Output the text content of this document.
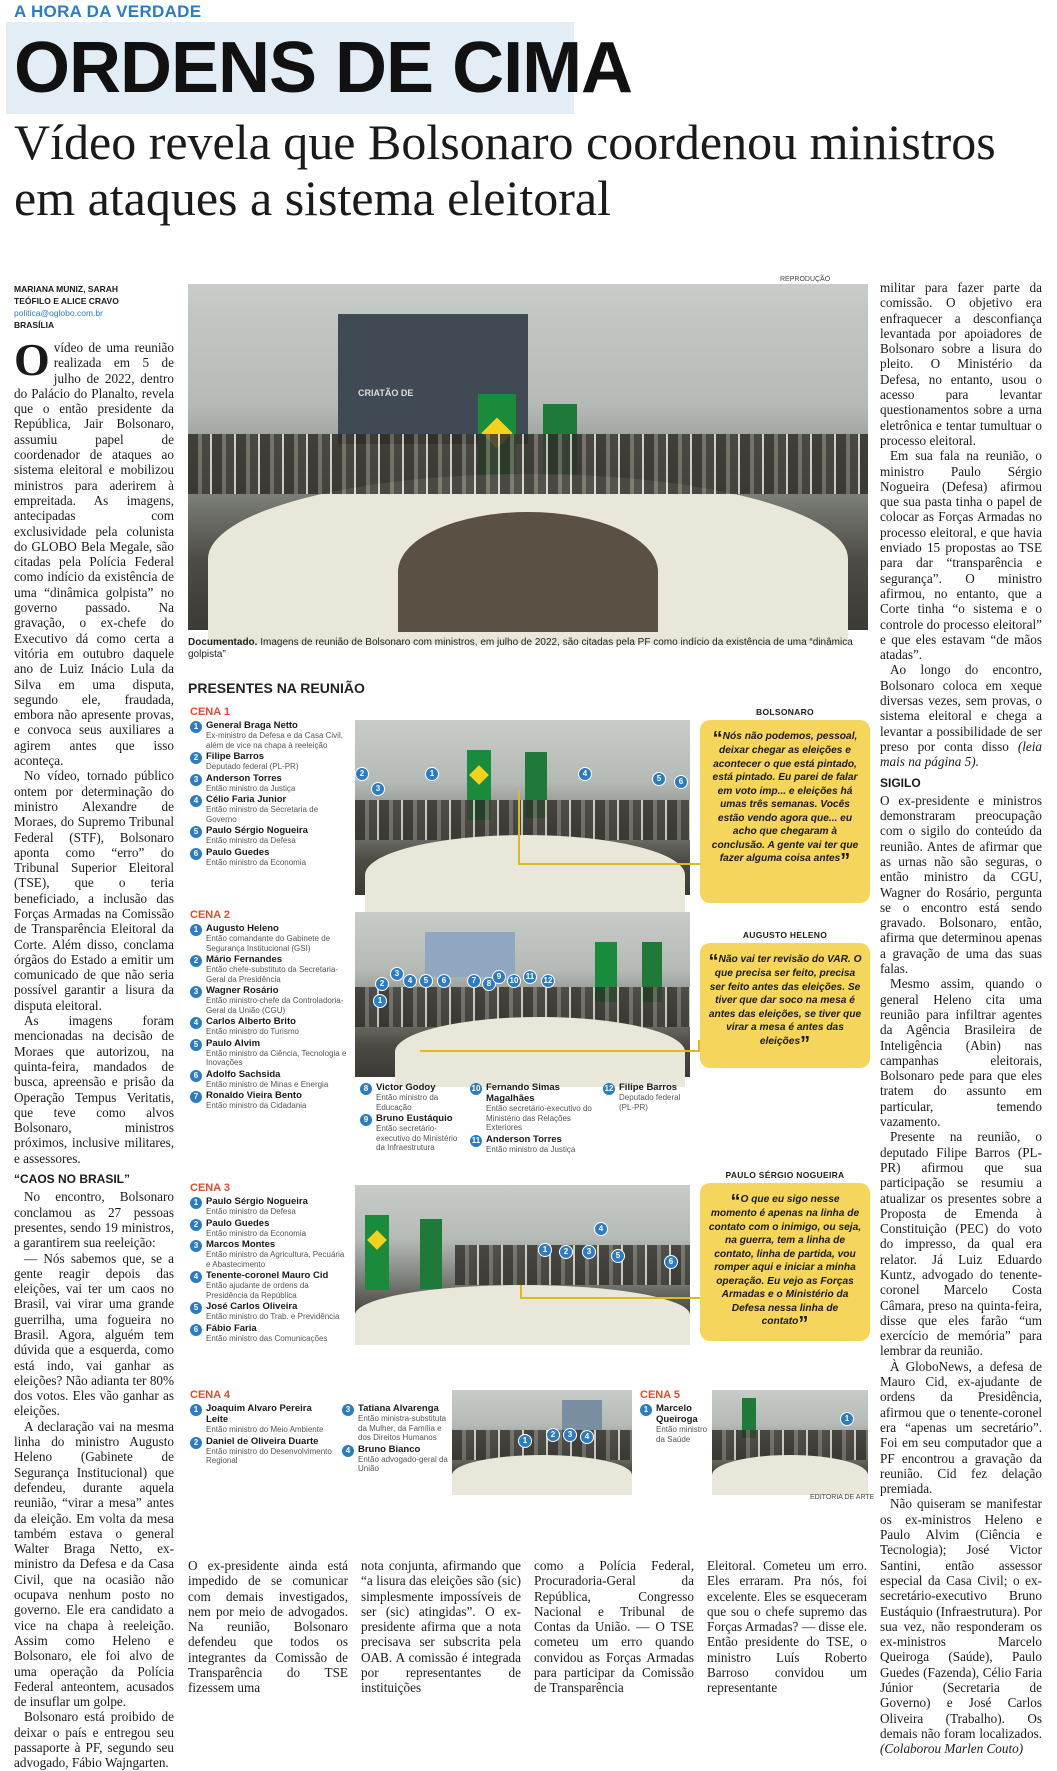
A HORA DA VERDADE
ORDENS DE CIMA
Vídeo revela que Bolsonaro coordenou ministros em ataques a sistema eleitoral
MARIANA MUNIZ, SARAH
TEÓFILO E ALICE CRAVO
politica@oglobo.com.br
BRASÍLIA

Ovídeo de uma reunião realizada em 5 de julho de 2022, dentro do Palácio do Planalto, revela que o então presidente da República, Jair Bolsonaro, assumiu papel de coordenador de ataques ao sistema eleitoral e mobilizou ministros para aderirem à empreitada. As imagens, antecipadas com exclusividade pela colunista do GLOBO Bela Megale, são citadas pela Polícia Federal como indício da existência de uma “dinâmica golpista” no governo passado. Na gravação, o ex-chefe do Executivo dá como certa a vitória em outubro daquele ano de Luiz Inácio Lula da Silva em uma disputa, segundo ele, fraudada, embora não apresente provas, e convoca seus auxiliares a agirem antes que isso aconteça.

No vídeo, tornado público ontem por determinação do ministro Alexandre de Moraes, do Supremo Tribunal Federal (STF), Bolsonaro aponta como “erro” do Tribunal Superior Eleitoral (TSE), que o teria beneficiado, a inclusão das Forças Armadas na Comissão de Transparência Eleitoral da Corte. Além disso, conclama órgãos do Estado a emitir um comunicado de que não seria possível garantir a lisura da disputa eleitoral.

As imagens foram mencionadas na decisão de Moraes que autorizou, na quinta-feira, mandados de busca, apreensão e prisão da Operação Tempus Veritatis, que teve como alvos Bolsonaro, ministros próximos, inclusive militares, e assessores.

“CAOS NO BRASIL”

No encontro, Bolsonaro conclamou as 27 pessoas presentes, sendo 19 ministros, a garantirem sua reeleição:

— Nós sabemos que, se a gente reagir depois das eleições, vai ter um caos no Brasil, vai virar uma grande guerrilha, uma fogueira no Brasil. Agora, alguém tem dúvida que a esquerda, como está indo, vai ganhar as eleições? Não adianta ter 80% dos votos. Eles vão ganhar as eleições.

A declaração vai na mesma linha do ministro Augusto Heleno (Gabinete de Segurança Institucional) que defendeu, durante aquela reunião, “virar a mesa” antes da eleição. Em volta da mesa também estava o general Walter Braga Netto, ex-ministro da Defesa e da Casa Civil, que na ocasião não ocupava nenhum posto no governo. Ele era candidato a vice na chapa à reeleição. Assim como Heleno e Bolsonaro, ele foi alvo de uma operação da Polícia Federal anteontem, acusados de insuflar um golpe.

Bolsonaro está proibido de deixar o país e entregou seu passaporte à PF, segundo seu advogado, Fábio Wajngarten.

REPRODUÇÃO
CRIATÃO DE
Documentado. Imagens de reunião de Bolsonaro com ministros, em julho de 2022, são citadas pela PF como indício da existência de uma “dinâmica golpista”
PRESENTES NA REUNIÃO
CENA 1
1 General Braga Netto
Ex-ministro da Defesa e da Casa Civil, além de vice na chapa à reeleição
2 Filipe Barros
Deputado federal (PL-PR)
3 Anderson Torres
Então ministro da Justiça
4 Célio Faria Junior
Então ministro da Secretaria de Governo
5 Paulo Sérgio Nogueira
Então ministro da Defesa
6 Paulo Guedes
Então ministro da Economia
2
3
1	4
5	6
BOLSONARO
“Nós não podemos, pessoal, deixar chegar as eleições e acontecer o que está pintado, está pintado. Eu parei de falar em voto imp... e eleições há umas três semanas. Vocês estão vendo agora que... eu acho que chegaram à conclusão. A gente vai ter que fazer alguma coisa antes”
CENA 2
1 Augusto Heleno
Então comandante do Gabinete de Segurança Institucional (GSI)
2 Mário Fernandes
Então chefe-substituto da Secretaria-Geral da Presidência
3 Wagner Rosário
Então ministro-chefe da Controladoria-Geral da União (CGU)
4 Carlos Alberto Brito
Então ministro do Turismo
5 Paulo Alvim
Então ministro da Ciência, Tecnologia e Inovações
6 Adolfo Sachsida
Então ministro de Minas e Energia
7 Ronaldo Vieira Bento
Então ministro da Cidadania
1
2
3
4	5	6	7	8
9	10 11	12
AUGUSTO HELENO
“Não vai ter revisão do VAR. O que precisa ser feito, precisa ser feito antes das eleições. Se tiver que dar soco na mesa é antes das eleições, se tiver que virar a mesa é antes das eleições”
8 Victor Godoy
Então ministro da Educação
9 Bruno Eustáquio
Então secretário-executivo do Ministério da Infraestrutura
10 Fernando Simas Magalhães
Então secretário-executivo do Ministério das Relações Exteriores
11 Anderson Torres
Então ministro da Justiça
12 Filipe Barros
Deputado federal (PL-PR)
CENA 3
1 Paulo Sérgio Nogueira
Então ministro da Defesa
2 Paulo Guedes
Então ministro da Economia
3 Marcos Montes
Então ministro da Agricultura, Pecuária e Abastecimento
4 Tenente-coronel Mauro Cid
Então ajudante de ordens da Presidência da República
5 José Carlos Oliveira
Então ministro do Trab. e Previdência
6 Fábio Faria
Então ministro das Comunicações
1	2	3
4
5
6
PAULO SÉRGIO NOGUEIRA
“O que eu sigo nesse momento é apenas na linha de contato com o inimigo, ou seja, na guerra, tem a linha de contato, linha de partida, vou romper aqui e iniciar a minha operação. Eu vejo as Forças Armadas e o Ministério da Defesa nessa linha de contato”
CENA 4
1 Joaquim Alvaro Pereira Leite
Então ministro do Meio Ambiente
2 Daniel de Oliveira Duarte
Então ministro do Desenvolvimento Regional
3 Tatiana Alvarenga
Então ministra-substituta da Mulher, da Família e dos Direitos Humanos
4 Bruno Bianco
Então advogado-geral da União
1
2	3	4
CENA 5
1 Marcelo Queiroga
Então ministro da Saúde
1
EDITORIA DE ARTE
O ex-presidente ainda está impedido de se comunicar com demais investigados, nem por meio de advogados. Na reunião, Bolsonaro defendeu que todos os integrantes da Comissão de Transparência do TSE fizessem uma
nota conjunta, afirmando que “a lisura das eleições são (sic) simplesmente impossíveis de ser (sic) atingidas”. O ex-presidente afirma que a nota precisava ser subscrita pela OAB. A comissão é integrada por representantes de instituições
como a Polícia Federal, Procuradoria-Geral da República, Congresso Nacional e Tribunal de Contas da União. — O TSE cometeu um erro quando convidou as Forças Armadas para participar da Comissão de Transparência
Eleitoral. Cometeu um erro. Eles erraram. Pra nós, foi excelente. Eles se esqueceram que sou o chefe supremo das Forças Armadas? — disse ele. Então presidente do TSE, o ministro Luís Roberto Barroso convidou um representante

militar para fazer parte da comissão. O objetivo era enfraquecer a desconfiança levantada por apoiadores de Bolsonaro sobre a lisura do pleito. O Ministério da Defesa, no entanto, usou o acesso para levantar questionamentos sobre a urna eletrônica e tentar tumultuar o processo eleitoral.

Em sua fala na reunião, o ministro Paulo Sérgio Nogueira (Defesa) afirmou que sua pasta tinha o papel de colocar as Forças Armadas no processo eleitoral, e que havia enviado 15 propostas ao TSE para dar “transparência e segurança”. O ministro afirmou, no entanto, que a Corte tinha “o sistema e o controle do processo eleitoral” e que eles estavam “de mãos atadas”.

Ao longo do encontro, Bolsonaro coloca em xeque diversas vezes, sem provas, o sistema eleitoral e chega a levantar a possibilidade de ser preso por conta disso (leia mais na página 5).

SIGILO

O ex-presidente e ministros demonstraram preocupação com o sigilo do conteúdo da reunião. Antes de afirmar que as urnas não são seguras, o então ministro da CGU, Wagner do Rosário, pergunta se o encontro está sendo gravado. Bolsonaro, então, afirma que determinou apenas a gravação de uma das suas falas.

Mesmo assim, quando o general Heleno cita uma reunião para infiltrar agentes da Agência Brasileira de Inteligência (Abin) nas campanhas eleitorais, Bolsonaro pede para que eles tratem do assunto em particular, temendo vazamento.

Presente na reunião, o deputado Filipe Barros (PL-PR) afirmou que sua participação se resumiu a atualizar os presentes sobre a Proposta de Emenda à Constituição (PEC) do voto do impresso, da qual era relator. Já Luiz Eduardo Kuntz, advogado do tenente-coronel Marcelo Costa Câmara, preso na quinta-feira, disse que eles farão “um exercício de memória” para lembrar da reunião.

À GloboNews, a defesa de Mauro Cid, ex-ajudante de ordens da Presidência, afirmou que o tenente-coronel era “apenas um secretário”. Foi em seu computador que a PF encontrou a gravação da reunião. Cid fez delação premiada.

Não quiseram se manifestar os ex-ministros Heleno e Paulo Alvim (Ciência e Tecnologia); José Victor Santini, então assessor especial da Casa Civil; o ex-secretário-executivo Bruno Eustáquio (Infraestrutura). Por sua vez, não responderam os ex-ministros Marcelo Queiroga (Saúde), Paulo Guedes (Fazenda), Célio Faria Júnior (Secretaria de Governo) e José Carlos Oliveira (Trabalho). Os demais não foram localizados. (Colaborou Marlen Couto)
